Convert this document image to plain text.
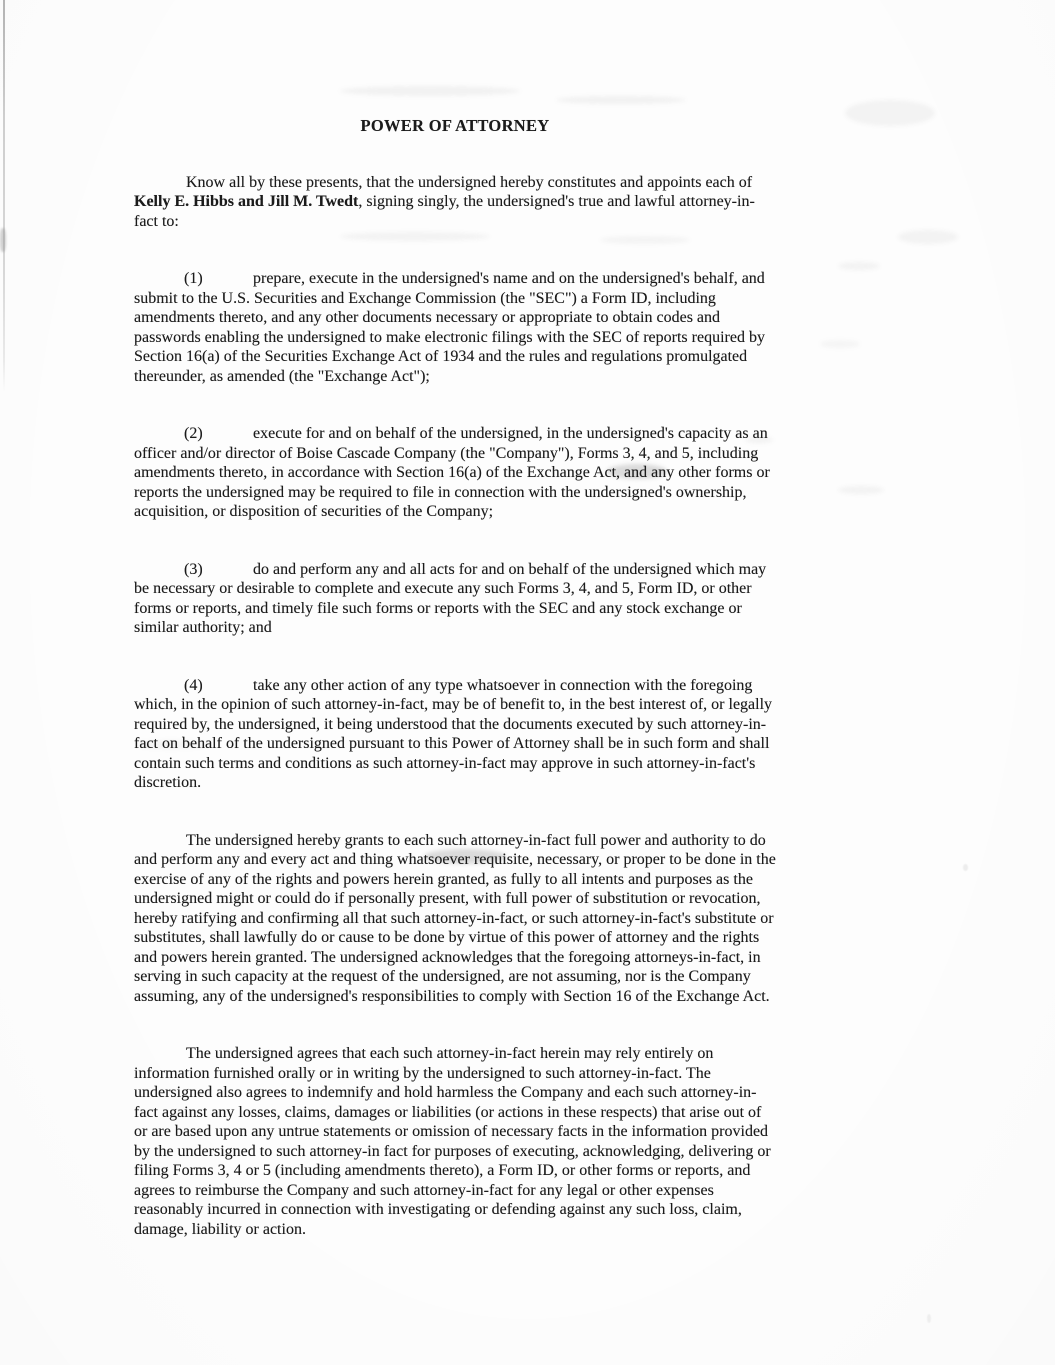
POWER OF ATTORNEY

Know all by these presents, that the undersigned hereby constitutes and appoints each of Kelly E. Hibbs and Jill M. Twedt, signing singly, the undersigned's true and lawful attorney-in-fact to:

(1)	prepare, execute in the undersigned's name and on the undersigned's behalf, and submit to the U.S. Securities and Exchange Commission (the "SEC") a Form ID, including amendments thereto, and any other documents necessary or appropriate to obtain codes and passwords enabling the undersigned to make electronic filings with the SEC of reports required by Section 16(a) of the Securities Exchange Act of 1934 and the rules and regulations promulgated thereunder, as amended (the "Exchange Act");

(2)	execute for and on behalf of the undersigned, in the undersigned's capacity as an officer and/or director of Boise Cascade Company (the "Company"), Forms 3, 4, and 5, including amendments thereto, in accordance with Section 16(a) of the Exchange Act, and any other forms or reports the undersigned may be required to file in connection with the undersigned's ownership, acquisition, or disposition of securities of the Company;

(3)	do and perform any and all acts for and on behalf of the undersigned which may be necessary or desirable to complete and execute any such Forms 3, 4, and 5, Form ID, or other forms or reports, and timely file such forms or reports with the SEC and any stock exchange or similar authority; and

(4)	take any other action of any type whatsoever in connection with the foregoing which, in the opinion of such attorney-in-fact, may be of benefit to, in the best interest of, or legally required by, the undersigned, it being understood that the documents executed by such attorney-in-fact on behalf of the undersigned pursuant to this Power of Attorney shall be in such form and shall contain such terms and conditions as such attorney-in-fact may approve in such attorney-in-fact's discretion.

The undersigned hereby grants to each such attorney-in-fact full power and authority to do and perform any and every act and thing whatsoever requisite, necessary, or proper to be done in the exercise of any of the rights and powers herein granted, as fully to all intents and purposes as the undersigned might or could do if personally present, with full power of substitution or revocation, hereby ratifying and confirming all that such attorney-in-fact, or such attorney-in-fact's substitute or substitutes, shall lawfully do or cause to be done by virtue of this power of attorney and the rights and powers herein granted. The undersigned acknowledges that the foregoing attorneys-in-fact, in serving in such capacity at the request of the undersigned, are not assuming, nor is the Company assuming, any of the undersigned's responsibilities to comply with Section 16 of the Exchange Act.

The undersigned agrees that each such attorney-in-fact herein may rely entirely on information furnished orally or in writing by the undersigned to such attorney-in-fact. The undersigned also agrees to indemnify and hold harmless the Company and each such attorney-in-fact against any losses, claims, damages or liabilities (or actions in these respects) that arise out of or are based upon any untrue statements or omission of necessary facts in the information provided by the undersigned to such attorney-in fact for purposes of executing, acknowledging, delivering or filing Forms 3, 4 or 5 (including amendments thereto), a Form ID, or other forms or reports, and agrees to reimburse the Company and such attorney-in-fact for any legal or other expenses reasonably incurred in connection with investigating or defending against any such loss, claim, damage, liability or action.
